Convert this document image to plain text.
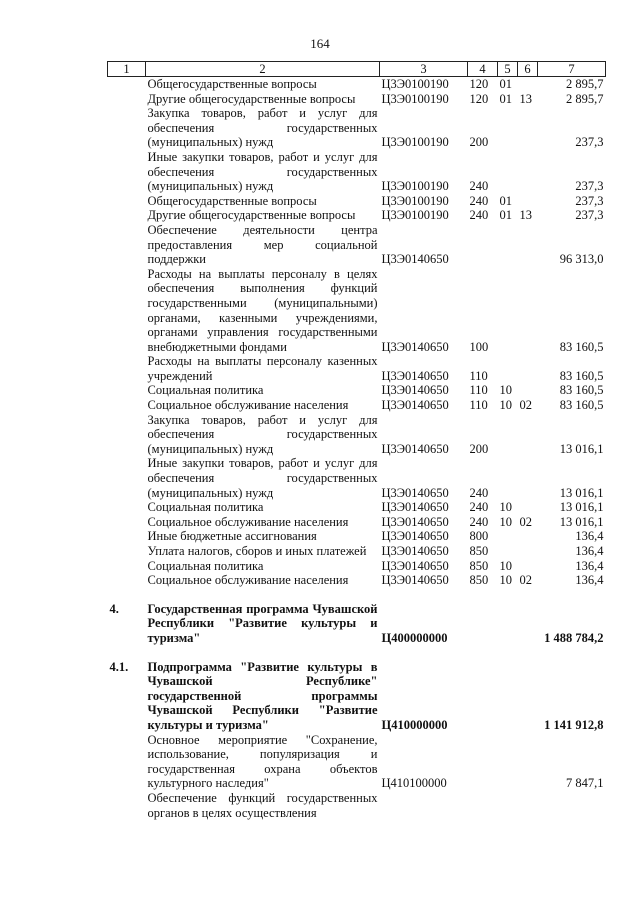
164
1	2	3	4	5	6	7
	Общегосударственные вопросы	Ц3Э0100190	120	01		2 895,7
	Другие общегосударственные вопросы	Ц3Э0100190	120	01	13	2 895,7
	Закупка товаров, работ и услуг для обеспечения государственных (муниципальных) нужд	Ц3Э0100190	200			237,3
	Иные закупки товаров, работ и услуг для обеспечения государственных (муниципальных) нужд	Ц3Э0100190	240			237,3
	Общегосударственные вопросы	Ц3Э0100190	240	01		237,3
	Другие общегосударственные вопросы	Ц3Э0100190	240	01	13	237,3
	Обеспечение деятельности центра предоставления мер социальной поддержки	Ц3Э0140650				96 313,0
	Расходы на выплаты персоналу в целях обеспечения выполнения функций государственными (муниципальными) органами, казенными учреждениями, органами управления государственными внебюджетными фондами	Ц3Э0140650	100			83 160,5
	Расходы на выплаты персоналу казенных учреждений	Ц3Э0140650	110			83 160,5
	Социальная политика	Ц3Э0140650	110	10		83 160,5
	Социальное обслуживание населения	Ц3Э0140650	110	10	02	83 160,5
	Закупка товаров, работ и услуг для обеспечения государственных (муниципальных) нужд	Ц3Э0140650	200			13 016,1
	Иные закупки товаров, работ и услуг для обеспечения государственных (муниципальных) нужд	Ц3Э0140650	240			13 016,1
	Социальная политика	Ц3Э0140650	240	10		13 016,1
	Социальное обслуживание населения	Ц3Э0140650	240	10	02	13 016,1
	Иные бюджетные ассигнования	Ц3Э0140650	800			136,4
	Уплата налогов, сборов и иных платежей	Ц3Э0140650	850			136,4
	Социальная политика	Ц3Э0140650	850	10		136,4
	Социальное обслуживание населения	Ц3Э0140650	850	10	02	136,4

4.	Государственная программа Чувашской Республики "Развитие культуры и туризма"	Ц400000000				1 488 784,2

4.1.	Подпрограмма "Развитие культуры в Чувашской Республике" государственной программы Чувашской Республики "Развитие культуры и туризма"	Ц410000000				1 141 912,8
	Основное мероприятие "Сохранение, использование, популяризация и государственная охрана объектов культурного наследия"	Ц410100000				7 847,1
	Обеспечение функций государственных органов в целях осуществления					
